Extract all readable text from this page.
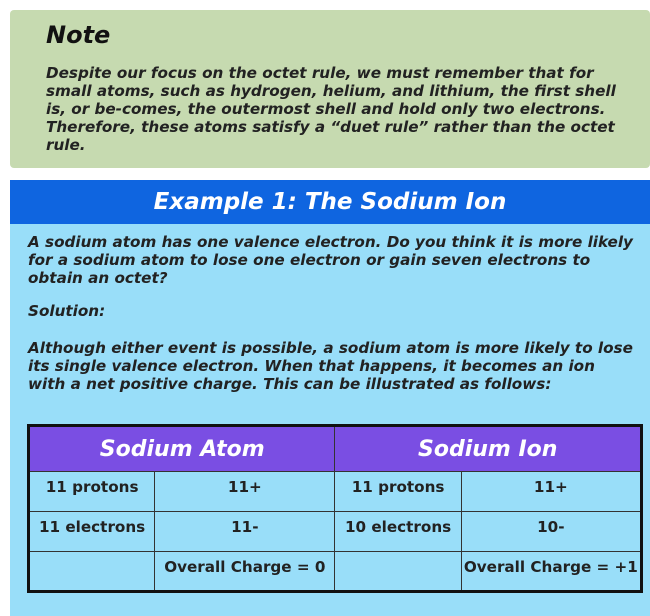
Note

Despite our focus on the octet rule, we must remember that for small atoms, such as hydrogen, helium, and lithium, the first shell is, or be-comes, the outermost shell and hold only two electrons. Therefore, these atoms satisfy a “duet rule” rather than the octet rule.

Example 1: The Sodium Ion

A sodium atom has one valence electron. Do you think it is more likely for a sodium atom to lose one electron or gain seven electrons to obtain an octet?

Solution:

Although either event is possible, a sodium atom is more likely to lose its single valence electron. When that happens, it becomes an ion with a net positive charge. This can be illustrated as follows:

Sodium Atom		Sodium Ion	
11 protons	11+	11 protons	11+
11 electrons	11-	10 electrons	10-
	Overall Charge = 0		Overall Charge = +1
